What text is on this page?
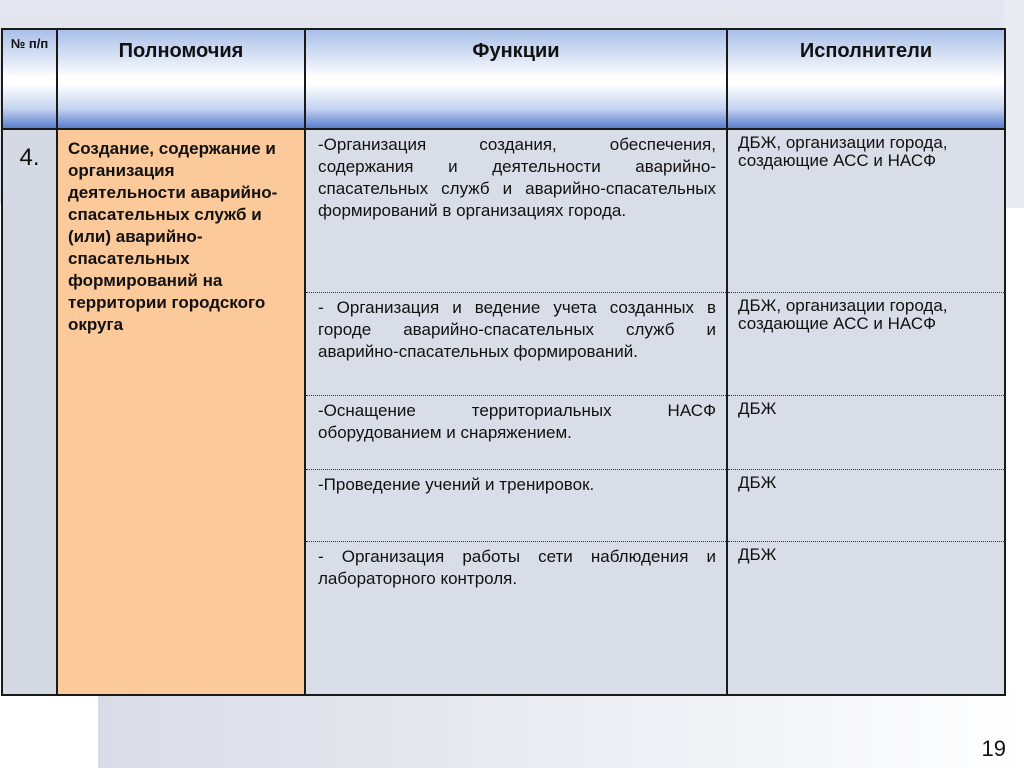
№ п/п	Полномочия	Функции	Исполнители
4.	Создание, содержание и организация деятельности аварийно-спасательных служб и (или) аварийно-спасательных формирований на территории городского округа	-Организация создания, обеспечения, содержания и деятельности аварийно-спасательных служб и аварийно-спасательных формирований в организациях города.	ДБЖ, организации города, создающие АСС и НАСФ
		- Организация и ведение учета созданных в городе аварийно-спасательных служб и аварийно-спасательных формирований.	ДБЖ, организации города, создающие АСС и НАСФ
		-Оснащение территориальных НАСФ оборудованием и снаряжением.	ДБЖ
		-Проведение учений и тренировок.	ДБЖ
		- Организация работы сети наблюдения и лабораторного контроля.	ДБЖ
19
